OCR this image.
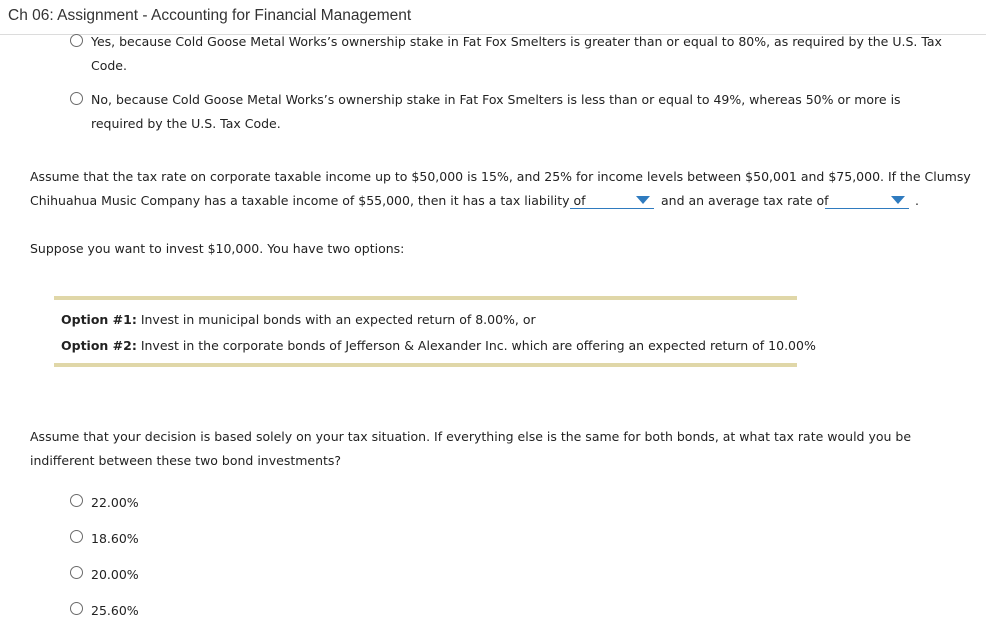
Ch 06: Assignment - Accounting for Financial Management
Yes, because Cold Goose Metal Works’s ownership stake in Fat Fox Smelters is greater than or equal to 80%, as required by the U.S. Tax
Code.
No, because Cold Goose Metal Works’s ownership stake in Fat Fox Smelters is less than or equal to 49%, whereas 50% or more is
required by the U.S. Tax Code.
Assume that the tax rate on corporate taxable income up to $50,000 is 15%, and 25% for income levels between $50,001 and $75,000. If the Clumsy
Chihuahua Music Company has a taxable income of $55,000, then it has a tax liability of	and an average tax rate of	.
Suppose you want to invest $10,000. You have two options:
Option #1: Invest in municipal bonds with an expected return of 8.00%, or
Option #2: Invest in the corporate bonds of Jefferson & Alexander Inc. which are offering an expected return of 10.00%
Assume that your decision is based solely on your tax situation. If everything else is the same for both bonds, at what tax rate would you be
indifferent between these two bond investments?
22.00%
18.60%
20.00%
25.60%
